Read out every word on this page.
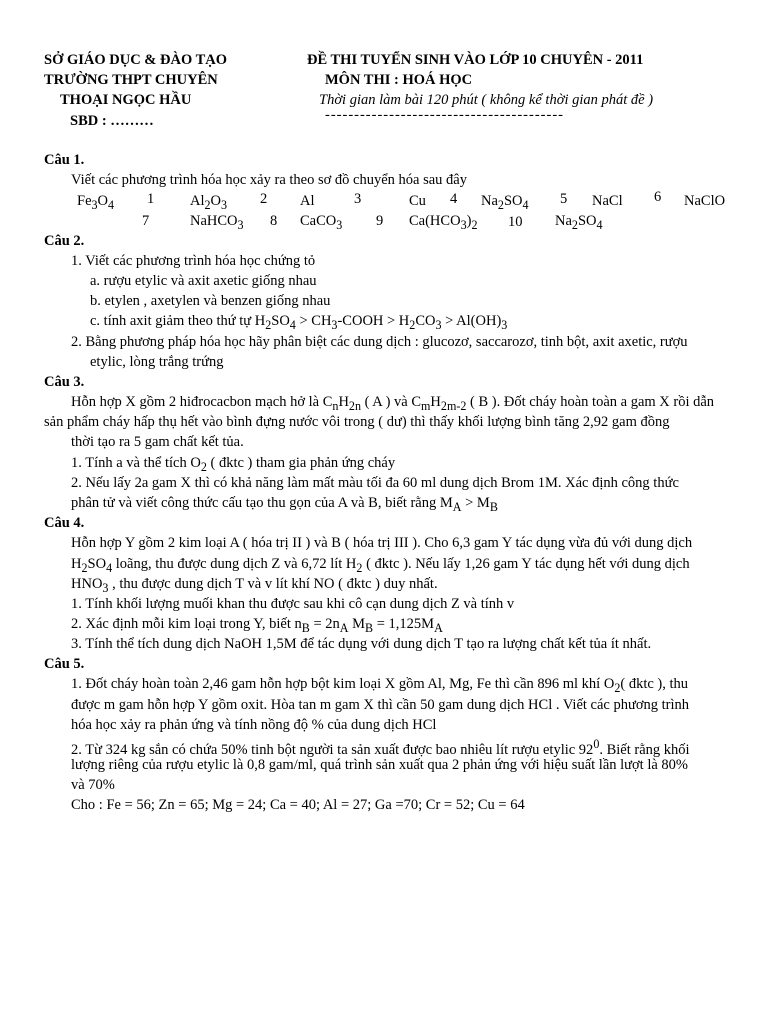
SỞ GIÁO DỤC & ĐÀO TẠO
TRƯỜNG THPT CHUYÊN
THOẠI NGỌC HẦU
SBD : ………
ĐỀ THI TUYỂN SINH VÀO LỚP 10 CHUYÊN - 2011
MÔN THI : HOÁ HỌC
Thời gian làm bài 120 phút ( không kể thời gian phát đề )
-----------------------------------------
Câu 1.
Viết các phương trình hóa học xảy ra theo sơ đồ chuyển hóa sau đây
$Fe_3O_4$ 1 $Al_2O_3$ 2 Al	3	Cu 4 $Na_2SO_4$ 5 NaCl 6 NaClO
7	NaHCO$_3$ 8 CaCO$_3$ 9 $Ca(HCO_3)_2$ 10 $Na_2SO_4$
Câu 2.
1. Viết các phương trình hóa học chứng tỏ
a. rượu etylic và axit axetic giống nhau
b. etylen , axetylen và benzen giống nhau
c. tính axit giảm theo thứ tự $H_2SO_4$ > $CH_3$-COOH > $H_2CO_3 > Al(OH)_3$
2. Bằng phương pháp hóa học hãy phân biệt các dung dịch : glucozơ, saccarozơ, tinh bột, axit axetic, rượu
etylic, lòng trắng trứng
Câu 3.
Hỗn hợp X gồm 2 hiđrocacbon mạch hở là $C_nH_{2n}$ ( A ) và $C_mH_{2m-2}$ ( B ). Đốt cháy hoàn toàn a gam X rồi dẫn
sản phẩm cháy hấp thụ hết vào bình đựng nước vôi trong ( dư) thì thấy khối lượng bình tăng 2,92 gam đồng
thời tạo ra 5 gam chất kết tủa.
1. Tính a và thể tích $O_2$ ( đktc ) tham gia phản ứng cháy
2. Nếu lấy 2a gam X thì có khả năng làm mất màu tối đa 60 ml dung dịch Brom 1M. Xác định công thức
phân tử và viết công thức cấu tạo thu gọn của A và B, biết rằng $M_A > M_B$
Câu 4.
Hỗn hợp Y gồm 2 kim loại A ( hóa trị II ) và B ( hóa trị III ). Cho 6,3 gam Y tác dụng vừa đủ với dung dịch
$H_2SO_4$ loãng, thu được dung dịch Z và 6,72 lít $H_2$ ( đktc ). Nếu lấy 1,26 gam Y tác dụng hết với dung dịch
$HNO_3$ , thu được dung dịch T và v lít khí NO ( đktc ) duy nhất.
1. Tính khối lượng muối khan thu được sau khi cô cạn dung dịch Z và tính v
2. Xác định mỗi kim loại trong Y, biết $n_B = 2n_A$ $M_B = 1,125M_A$
3. Tính thể tích dung dịch NaOH 1,5M để tác dụng với dung dịch T tạo ra lượng chất kết tủa ít nhất.
Câu 5.
1. Đốt cháy hoàn toàn 2,46 gam hỗn hợp bột kim loại X gồm Al, Mg, Fe thì cần 896 ml khí $O_2$( đktc ), thu
được m gam hỗn hợp Y gồm oxit. Hòa tan m gam X thì cần 50 gam dung dịch HCl . Viết các phương trình
hóa học xảy ra phản ứng và tính nồng độ % của dung dịch HCl
2. Từ 324 kg sắn có chứa 50% tinh bột người ta sản xuất được bao nhiêu lít rượu etylic $92^0$. Biết rằng khối
lượng riêng của rượu etylic là 0,8 gam/ml, quá trình sản xuất qua 2 phản ứng với hiệu suất lần lượt là 80%
và 70%
Cho : Fe = 56; Zn = 65; Mg = 24; Ca = 40; Al = 27; Ga =70; Cr = 52; Cu = 64
